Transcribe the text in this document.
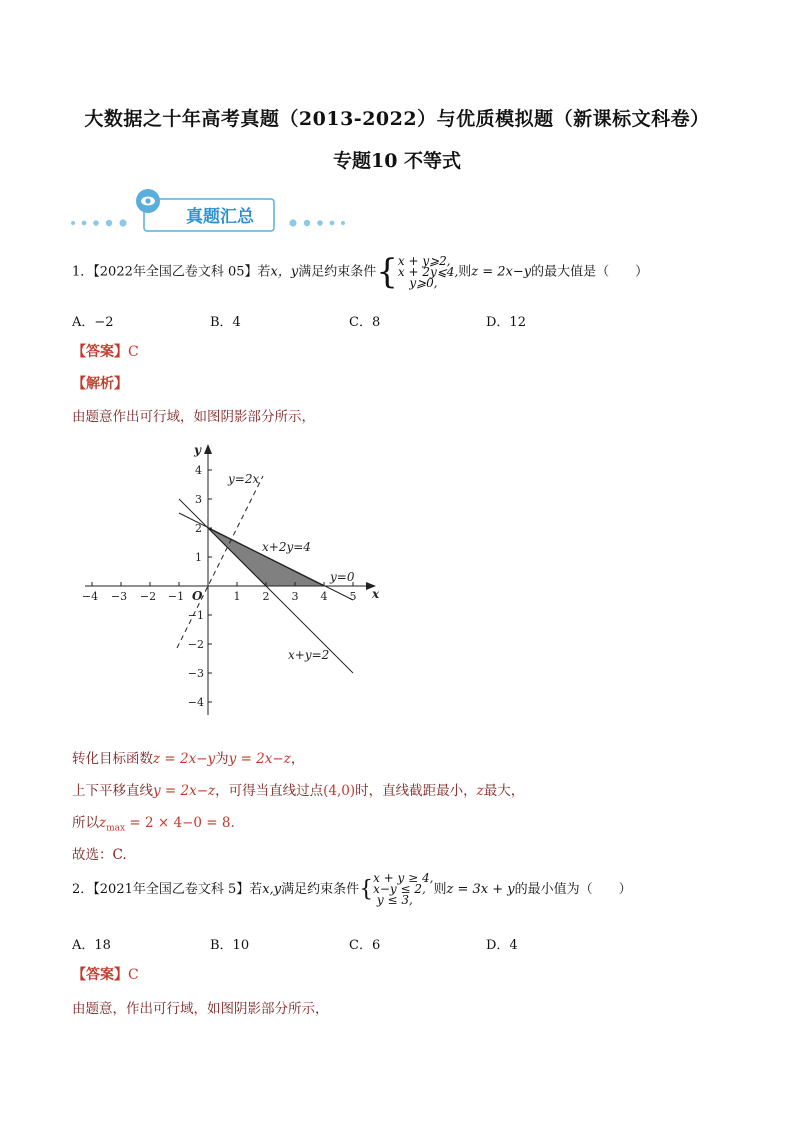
大数据之十年高考真题（2013-2022）与优质模拟题（新课标文科卷）
专题10 不等式
真题汇总
1．【2022年全国乙卷文科 05】若x，y满足约束条件{x + y⩾2,
x + 2y⩽4,
y⩾0,则z = 2x−y的最大值是（　　）
A．−2	B．4	C．8	D．12
【答案】C
【解析】
由题意作出可行域，如图阴影部分所示，
−4 −3 −2 −1	1 2 3 4 5
4
3
2
1
−1
−2
−3
−4
x
y
O
y=2x
x+2y=4
y=0
x+y=2
转化目标函数z = 2x−y为y = 2x−z，
上下平移直线y = 2x−z，可得当直线过点(4,0)时，直线截距最小，z最大，
所以$z_{max} = 2 \times 4-0 = 8$.
故选：C.
2．【2021年全国乙卷文科 5】若x,y满足约束条件{x + y ≥ 4,
x−y ≤ 2,
y ≤ 3,则z = 3x + y的最小值为（　　）
A．18	B．10	C．6	D．4
【答案】C
由题意，作出可行域，如图阴影部分所示，
